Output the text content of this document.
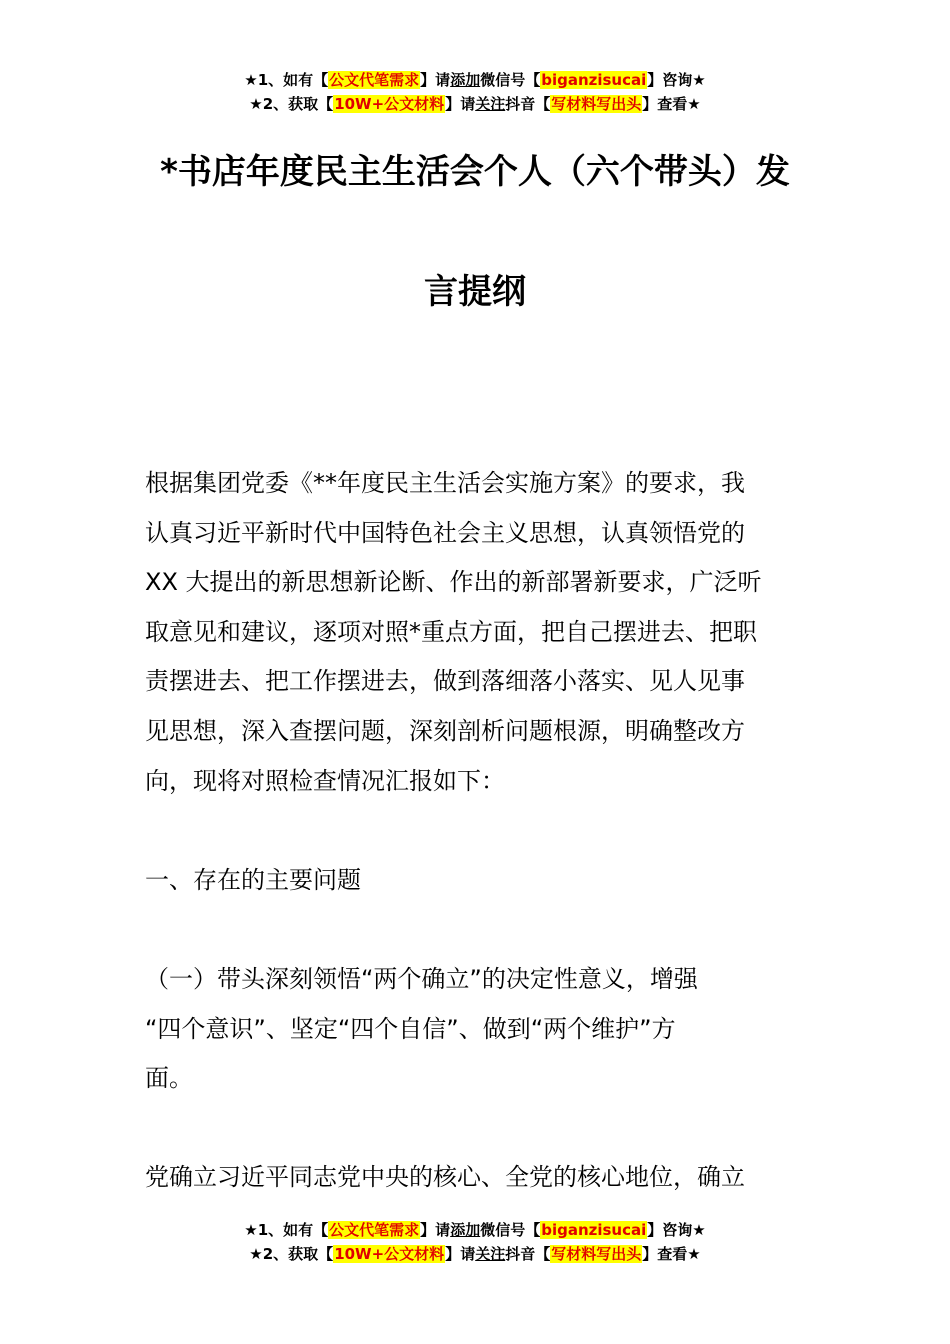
★1、如有【公文代笔需求】请添加微信号【biganzisucai】咨询★
★2、获取【10W+公文材料】请关注抖音【写材料写出头】查看★
*书店年度民主生活会个人（六个带头）发
言提纲
根据集团党委《**年度民主生活会实施方案》的要求，我
认真习近平新时代中国特色社会主义思想，认真领悟党的
XX 大提出的新思想新论断、作出的新部署新要求，广泛听
取意见和建议，逐项对照*重点方面，把自己摆进去、把职
责摆进去、把工作摆进去，做到落细落小落实、见人见事
见思想，深入查摆问题，深刻剖析问题根源，明确整改方
向，现将对照检查情况汇报如下：
一、存在的主要问题
（一）带头深刻领悟“两个确立”的决定性意义，增强
“四个意识”、坚定“四个自信”、做到“两个维护”方
面。
党确立习近平同志党中央的核心、全党的核心地位，确立
★1、如有【公文代笔需求】请添加微信号【biganzisucai】咨询★
★2、获取【10W+公文材料】请关注抖音【写材料写出头】查看★
